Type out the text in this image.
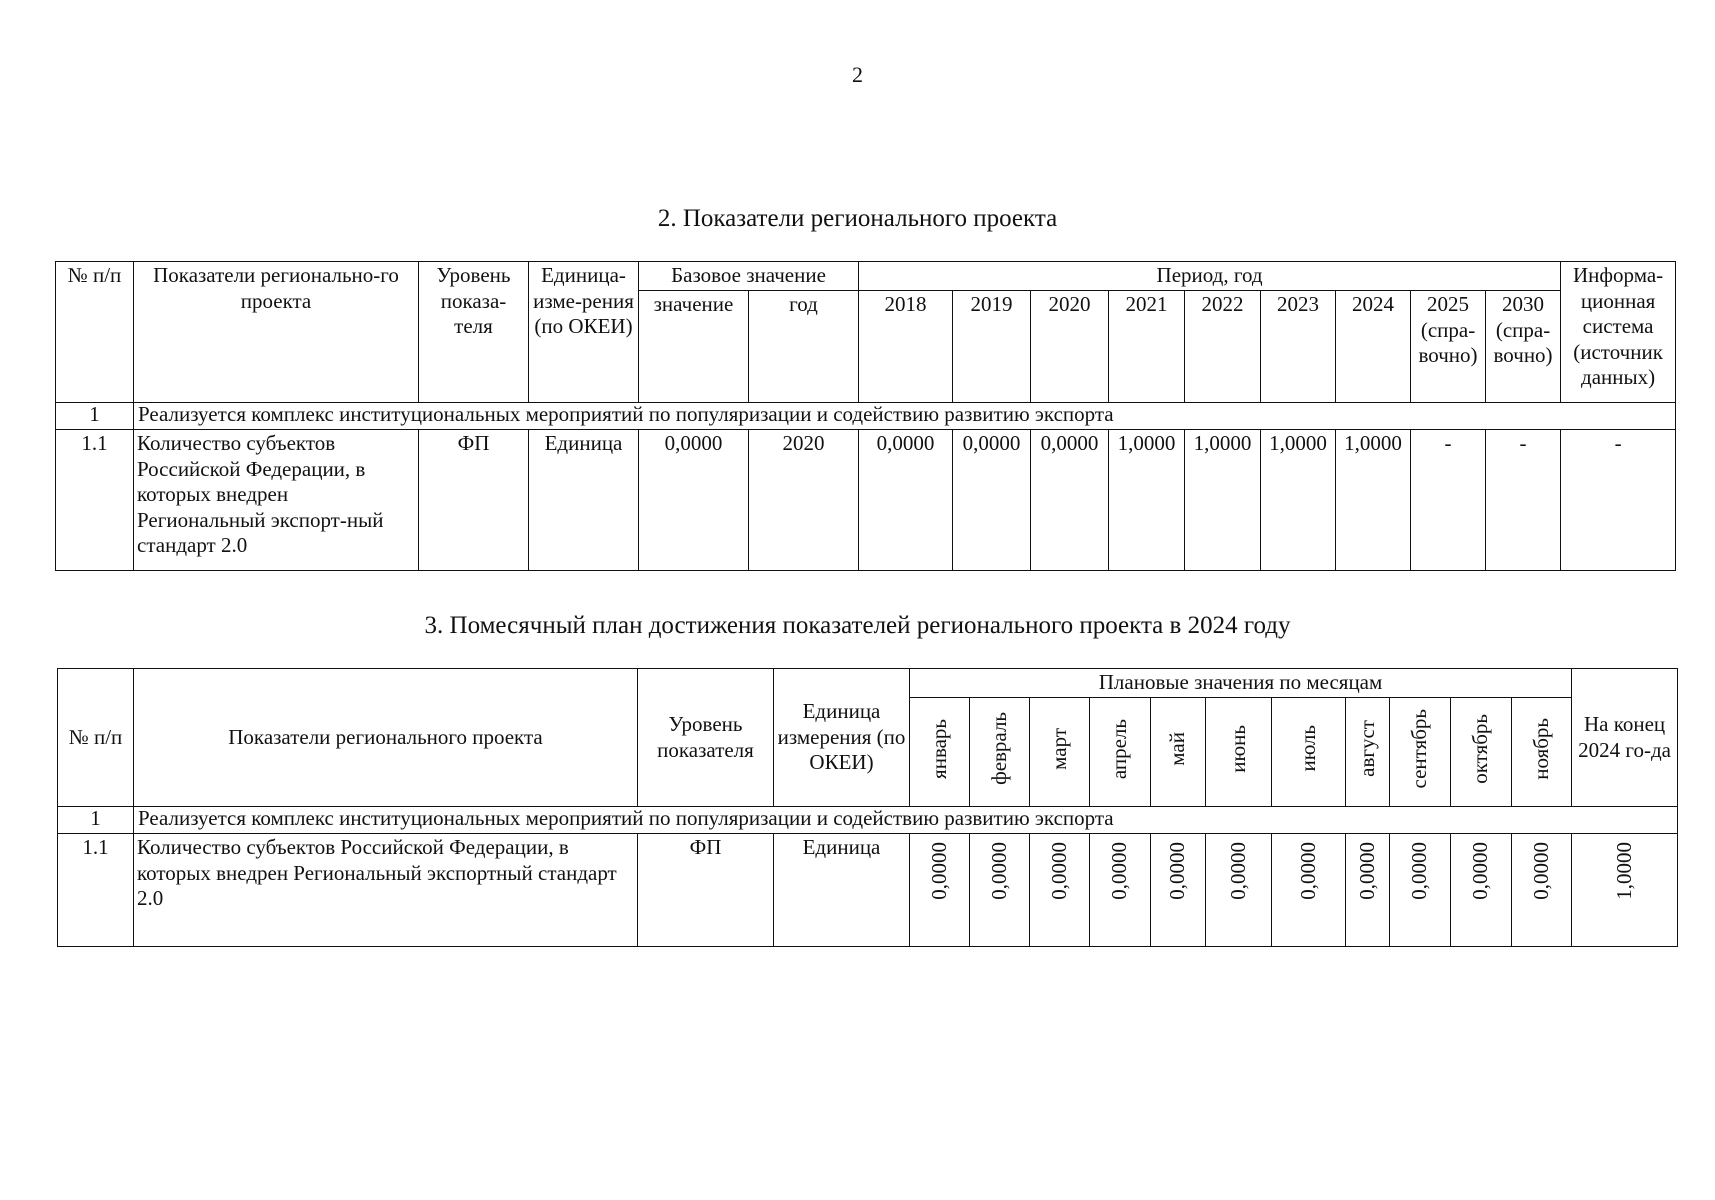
2
2. Показатели регионального проекта
№ п/п	Показатели регионально-го проекта	Уровень показа-теля	Единица-изме-рения (по ОКЕИ)	Базовое значение		Период, год									Информа-ционная система (источник данных)
				значение	год	2018	2019	2020	2021	2022	2023	2024	2025 (спра-вочно)	2030 (спра-вочно)	
1	Реализуется комплекс институциональных мероприятий по популяризации и содействию развитию экспорта														
1.1	Количество субъектов Российской Федерации, в которых внедрен Региональный экспорт-ный стандарт 2.0	ФП	Единица	0,0000	2020	0,0000	0,0000	0,0000	1,0000	1,0000	1,0000	1,0000	-	-	-
3. Помесячный план достижения показателей регионального проекта в 2024 году
№ п/п	Показатели регионального проекта	Уровень показателя	Единица измерения (по ОКЕИ)	Плановые значения по месяцам											На конец 2024 го-да
				январь	февраль	март	апрель	май	июнь	июль	август	сентябрь	октябрь	ноябрь	
1	Реализуется комплекс институциональных мероприятий по популяризации и содействию развитию экспорта														
1.1	Количество субъектов Российской Федерации, в которых внедрен Региональный экспортный стандарт 2.0	ФП	Единица	0,0000	0,0000	0,0000	0,0000	0,0000	0,0000	0,0000	0,0000	0,0000	0,0000	0,0000	1,0000
